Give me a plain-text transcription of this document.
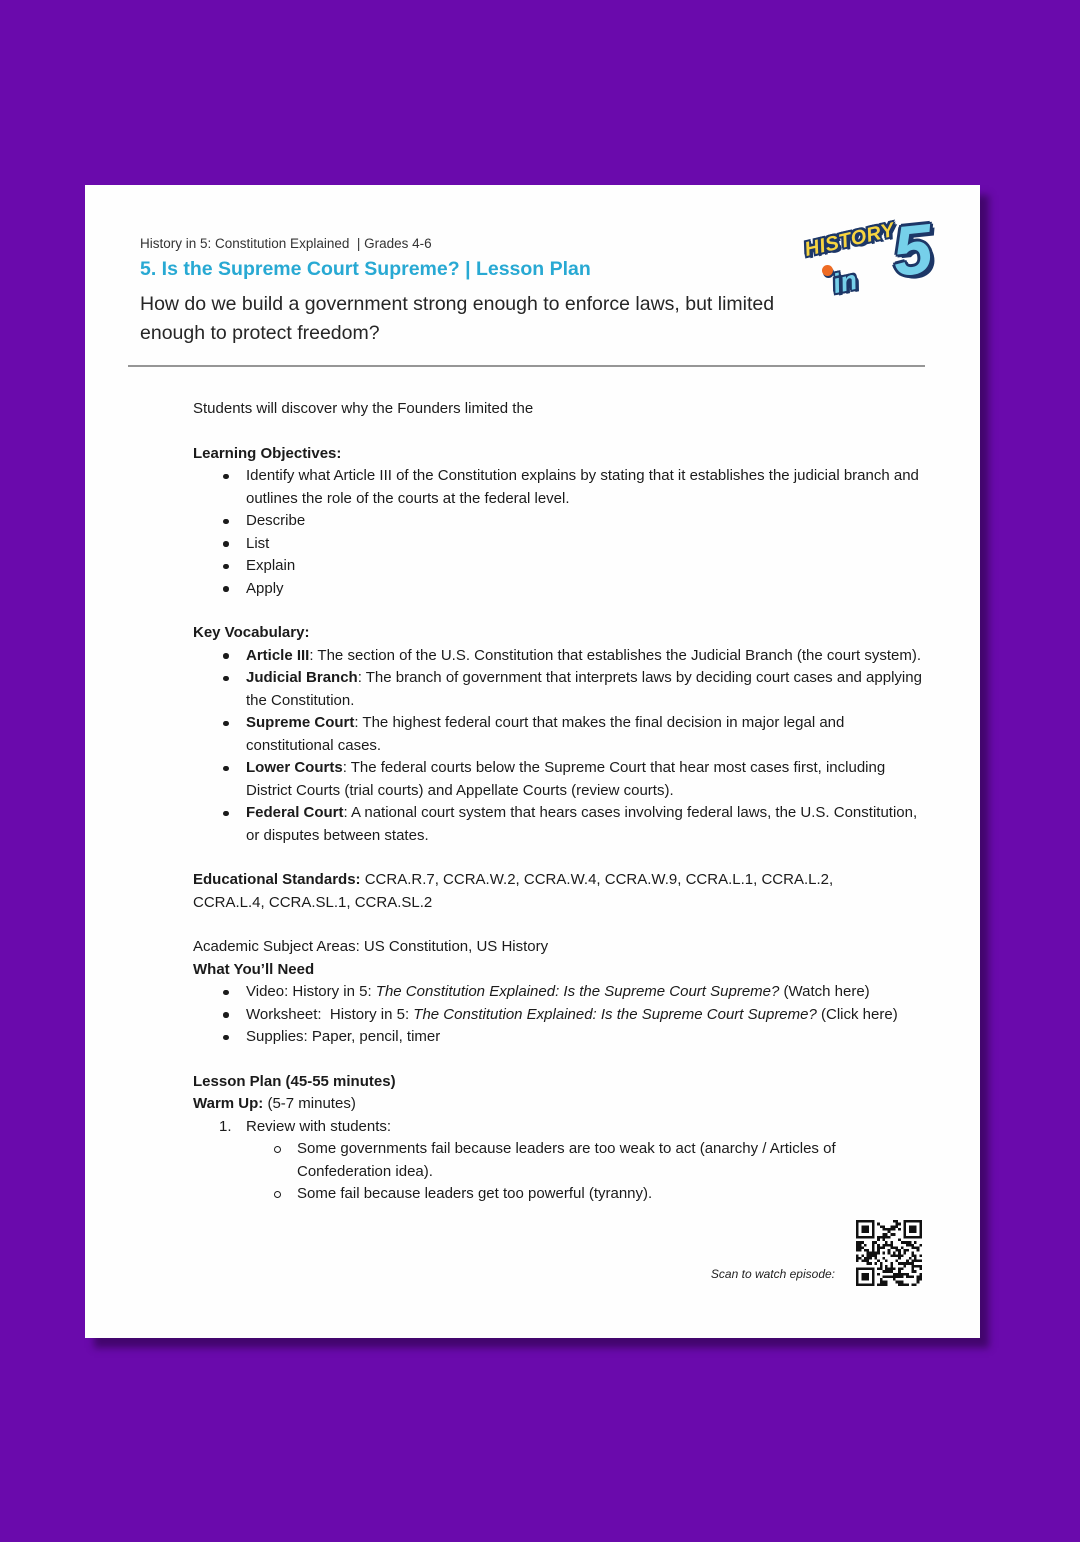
History in 5: Constitution Explained  | Grades 4-6
5. Is the Supreme Court Supreme? | Lesson Plan

How do we build a government strong enough to enforce laws, but limited enough to protect freedom?

HISTORY
in 5

Students will discover why the Founders limited the

Learning Objectives:

Identify what Article III of the Constitution explains by stating that it establishes the judicial branch and outlines the role of the courts at the federal level.
Describe
List
Explain
Apply

Key Vocabulary:

Article III: The section of the U.S. Constitution that establishes the Judicial Branch (the court system).
Judicial Branch: The branch of government that interprets laws by deciding court cases and applying the Constitution.
Supreme Court: The highest federal court that makes the final decision in major legal and constitutional cases.
Lower Courts: The federal courts below the Supreme Court that hear most cases first, including District Courts (trial courts) and Appellate Courts (review courts).
Federal Court: A national court system that hears cases involving federal laws, the U.S. Constitution, or disputes between states.

Educational Standards: CCRA.R.7, CCRA.W.2, CCRA.W.4, CCRA.W.9, CCRA.L.1, CCRA.L.2, CCRA.L.4, CCRA.SL.1, CCRA.SL.2

Academic Subject Areas: US Constitution, US History

What You’ll Need

Video: History in 5: The Constitution Explained: Is the Supreme Court Supreme? (Watch here)
Worksheet:  History in 5: The Constitution Explained: Is the Supreme Court Supreme? (Click here)
Supplies: Paper, pencil, timer

Lesson Plan (45-55 minutes)

Warm Up: (5-7 minutes)

1. Review with students:
Some governments fail because leaders are too weak to act (anarchy / Articles of Confederation idea).
Some fail because leaders get too powerful (tyranny).
Scan to watch episode:
